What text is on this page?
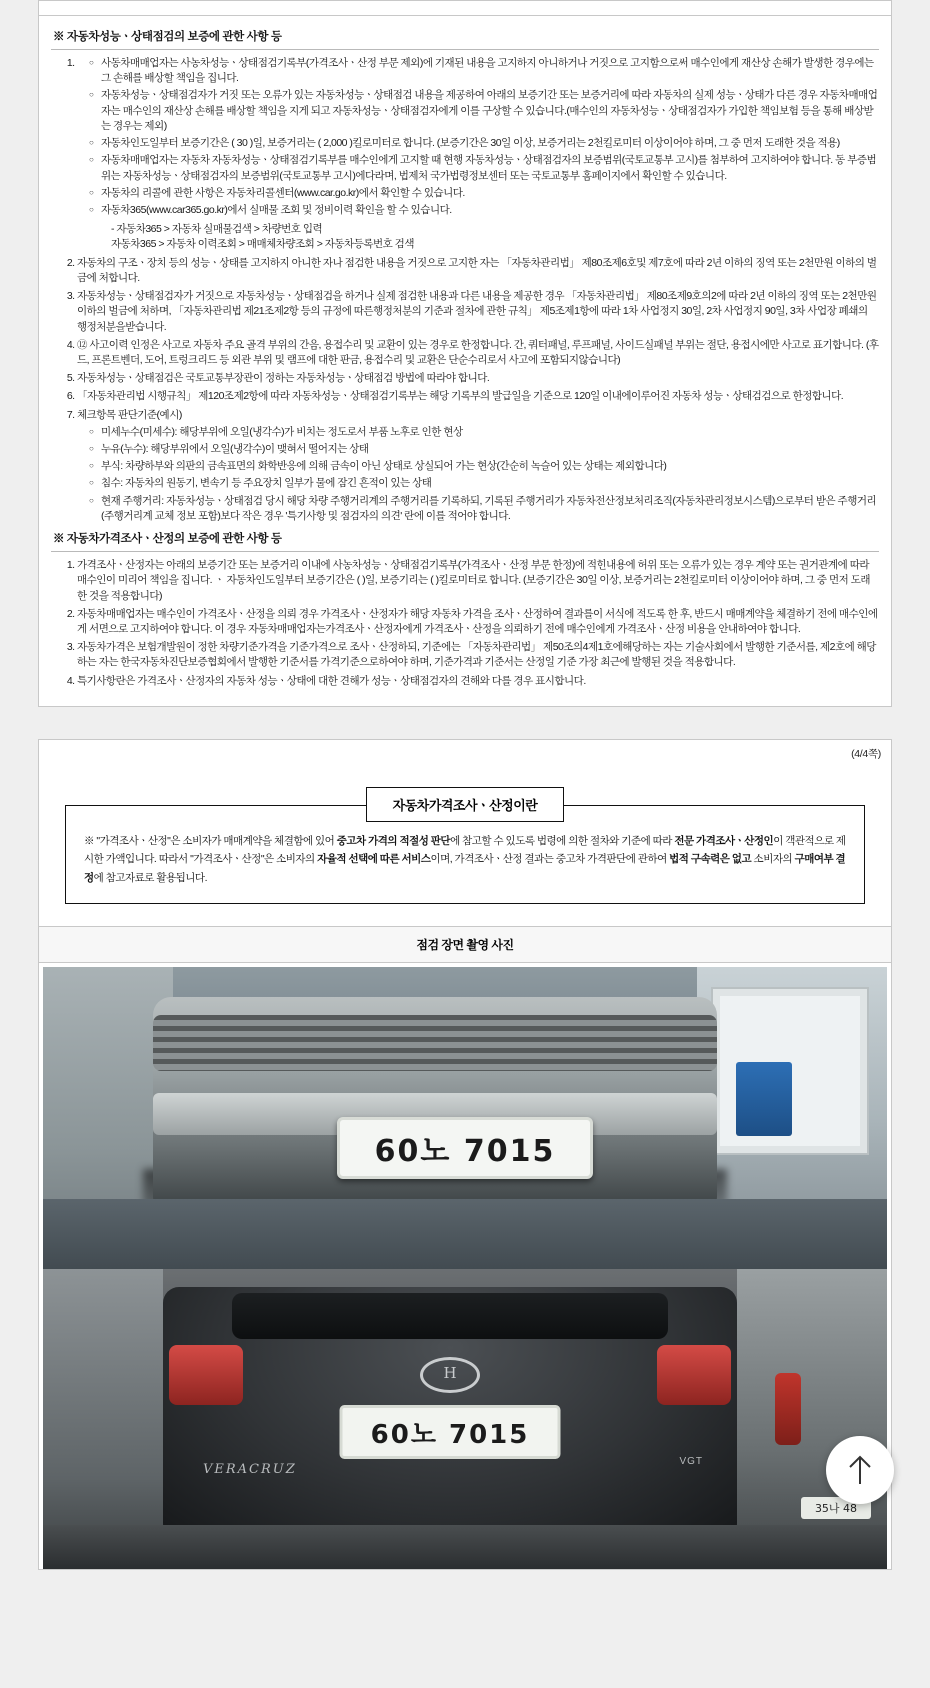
※ 자동차성능ㆍ상태점검의 보증에 관한 사항 등
○ 1. 사동차매매업자는 사농차성능ㆍ상태점검기록부(가격조사ㆍ산정 부문 제외)에 기재된 내용을 고지하지 아니하거나 거짓으로 고지함으로써 매수인에게 재산상 손해가 발생한 경우에는 그 손해를 배상할 책임을 집니다.
○ 자동차성능ㆍ상태점검자가 거짓 또는 오류가 있는 자동차성능ㆍ상태점검 내용을 제공하여 아래의 보증기간 또는 보증거리에 따라 자동차의 실제 성능ㆍ상태가 다른 경우 자동차매매업자는 매수인의 재산상 손해를 배상할 책임을 지게 되고 자동차성능ㆍ상태점검자에게 이를 구상할 수 있습니다.(매수인의 자동차성능ㆍ상태점검자가 가입한 책임보험 등을 통해 배상받는 경우는 제외)
○ 자동차인도일부터 보증기간은 ( 30 )일, 보증거리는 ( 2,000 )킬로미터로 합니다. (보증기간은 30일 이상, 보증거리는 2천킬로미터 이상이어야 하며, 그 중 먼저 도래한 것을 적용)
○ 자동차매매업자는 자동차 자동차성능ㆍ상태점검기록부를 매수인에게 고지할 때 현행 자동차성능ㆍ상태점검자의 보증범위(국토교통부 고시)를 첨부하여 고지하여야 합니다. 동 부증범위는 자동차성능ㆍ상태점검자의 보증범위(국토교통부 고시)에다라며, 법제처 국가법령정보센터 또는 국토교통부 홈페이지에서 확인할 수 있습니다.
○ 자동차의 리콜에 관한 사항은 자동차리콜센터(www.car.go.kr)에서 확인할 수 있습니다.
○ 자동차365(www.car365.go.kr)에서 실매물 조회 및 정비이력 확인을 할 수 있습니다.
- 자동차365 > 자동차 실매물검색 > 차량번호 입력
자동차365 > 자동차 이력조회 > 매매체차량조회 > 자동차등록번호 검색
2. 자동차의 구조ㆍ장치 등의 성능ㆍ상태를 고지하지 아니한 자나 점검한 내용을 거짓으로 고지한 자는 「자동차관리법」 제80조제6호및 제7호에 따라 2년 이하의 징역 또는 2천만원 이하의 벌금에 처합니다.
3. 자동차성능ㆍ상태점검자가 거짓으로 자동차성능ㆍ상태점검을 하거나 실제 점검한 내용과 다른 내용을 제공한 경우 「자동차관리법」 제80조제9호의2에 따라 2년 이하의 징역 또는 2천만원 이하의 벌금에 처하며, 「자동차관리법 제21조제2항 등의 규정에 따른행정처분의 기준과 절차에 관한 규칙」 제5조제1항에 따라 1차 사업정지 30일, 2차 사업정지 90일, 3차 사업장 폐쇄의 행정처분을받습니다.
4. ⑫ 사고이력 인정은 사고로 자동차 주요 골격 부위의 간음, 용접수리 및 교환이 있는 경우로 한정합니다. 간, 쿼터패널, 루프패널, 사이드실패널 부위는 절단, 용접시에만 사고로 표기합니다. (후드, 프론트벤더, 도어, 트렁크리드 등 외관 부위 및 램프에 대한 판금, 용접수리 및 교환은 단순수리로서 사고에 포함되지않습니다)
5. 자동차성능ㆍ상태점검은 국토교통부장관이 정하는 자동차성능ㆍ상태점검 방법에 따라야 합니다.
6. 「자동차관리법 시행규칙」 제120조제2항에 따라 자동차성능ㆍ상태점검기록부는 해당 기록부의 발급일을 기준으로 120일 이내에이루어진 자동차 성능ㆍ상태검검으로 한정합니다.
7. 체크항목 판단기준(예시)
○ 미세누수(미세수): 해당부위에 오일(냉각수)가 비치는 정도로서 부품 노후로 인한 현상
○ 누유(누수): 해당부위에서 오일(냉각수)이 맺혀서 떨어지는 상태
○ 부식: 차량하부와 의판의 금속표면의 화학반응에 의해 금속이 아닌 상태로 상실되어 가는 현상(간순히 녹슬어 있는 상태는 제외합니다)
○ 침수: 자동차의 원동기, 변속기 등 주요장치 일부가 물에 잠긴 흔적이 있는 상태
○ 현재 주행거리: 자동차성능ㆍ상태점검 당시 해당 차량 주행거리계의 주행거리를 기록하되, 기록된 주행거리가 자동차전산정보처리조직(자동차관리정보시스템)으로부터 받은 주행거리(주행거리계 교체 정보 포함)보다 작은 경우 '특기사항 및 점검자의 의견' 란에 이를 적어야 합니다.
※ 자동차가격조사ㆍ산정의 보증에 관한 사항 등
1. 가격조사ㆍ산정자는 아래의 보증기간 또는 보증거리 이내에 사농차성능ㆍ상태점검기록부(가격조사ㆍ산정 부문 한정)에 적힌내용에 허위 또는 오류가 있는 경우 계약 또는 권거관계에 따라 매수인이 미리어 책임을 집니다. ㆍ 자동차인도일부터 보증기간은 ( )일, 보증기리는 ( )킬로미터로 합니다. (보증기간은 30일 이상, 보증거리는 2천킬로미터 이상이어야 하며, 그 중 먼저 도래한 것을 적용합니다)
2. 자동차매매업자는 매수인이 가격조사ㆍ산정을 의뢰 경우 가격조사ㆍ산정자가 해당 자동차 가격을 조사ㆍ산정하여 결과를이 서식에 적도록 한 후, 반드시 매매계약을 체결하기 전에 매수인에게 서면으로 고지하여야 합니다. 이 경우 자동차매매업자는가격조사ㆍ산정자에게 가격조사ㆍ산정을 의뢰하기 전에 매수인에게 가격조사ㆍ산정 비용을 안내하여야 합니다.
3. 자동차가격은 보험개발원이 정한 차량기준가격을 기준가격으로 조사ㆍ산정하되, 기준에는 「자동차관리법」 제50조의4제1호에해당하는 자는 기술사회에서 발행한 기준서를, 제2호에 해당하는 자는 한국자동차진단보증협회에서 발행한 기준서를 가격기준으로하여야 하며, 기준가격과 기준서는 산정일 기준 가장 최근에 발행된 것을 적용합니다.
4. 특기사항란은 가격조사ㆍ산정자의 자동차 성능ㆍ상태에 대한 견해가 성능ㆍ상태점검자의 견해와 다를 경우 표시합니다.
(4/4쪽)
자동차가격조사ㆍ산정이란
※ "가격조사ㆍ산정"은 소비자가 매매계약을 체결함에 있어 중고차 가격의 적절성 판단에 참고할 수 있도록 법령에 의한 절차와 기준에 따라 전문 가격조사ㆍ산정인이 객관적으로 제시한 가액입니다. 따라서 "가격조사ㆍ산정"은 소비자의 자율적 선택에 따른 서비스이며, 가격조사ㆍ산정 결과는 중고차 가격판단에 관하여 법적 구속력은 없고 소비자의 구매여부 결정에 참고자료로 활용됩니다.
점검 장면 촬영 사진
60노 7015
H
60노 7015
VERACRUZ
VGT
35나 48
